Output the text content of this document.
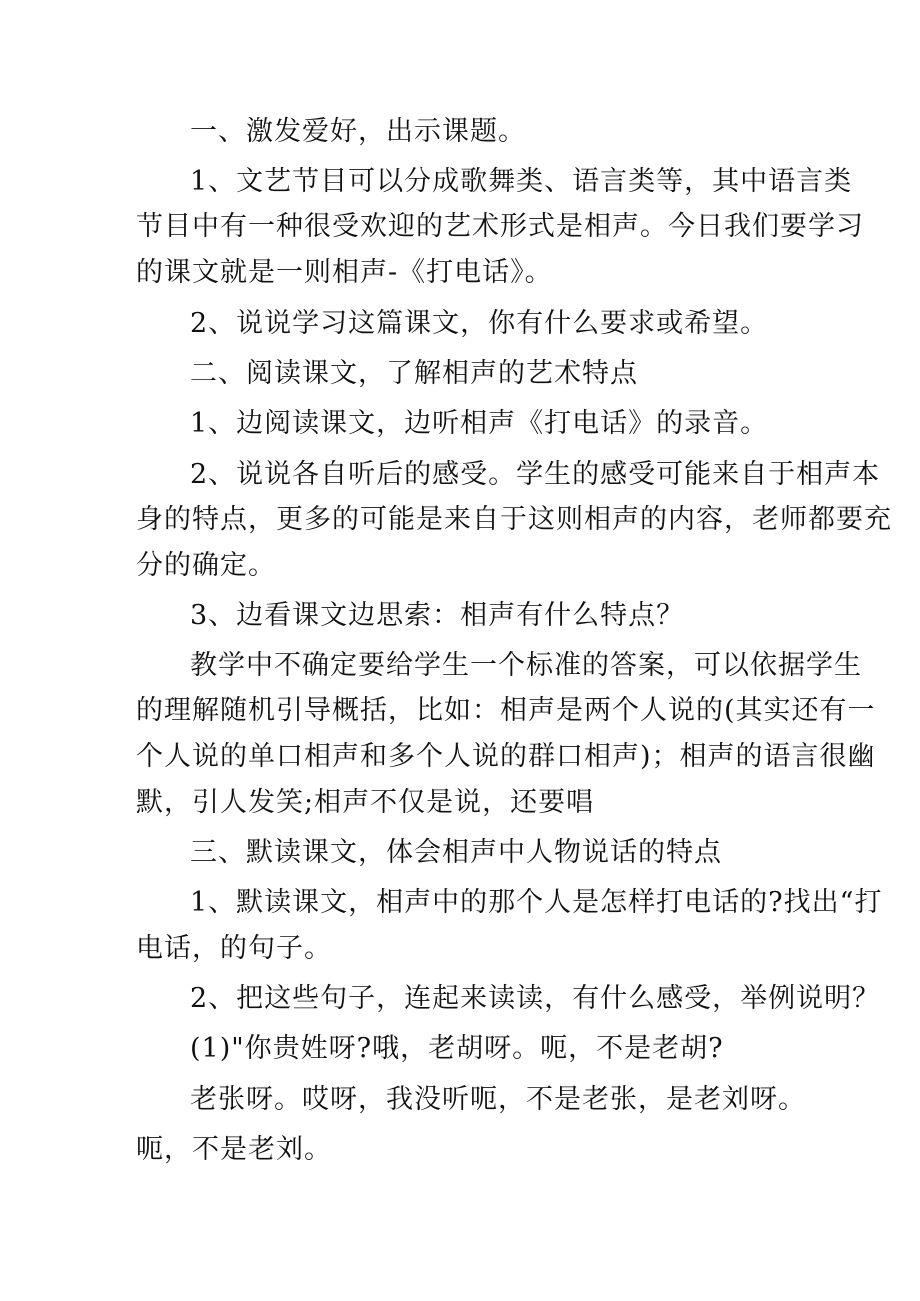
一、激发爱好，出示课题。
1、文艺节目可以分成歌舞类、语言类等，其中语言类
节目中有一种很受欢迎的艺术形式是相声。今日我们要学习
的课文就是一则相声-《打电话》。
2、说说学习这篇课文，你有什么要求或希望。
二、阅读课文，了解相声的艺术特点
1、边阅读课文，边听相声《打电话》的录音。
2、说说各自听后的感受。学生的感受可能来自于相声本
身的特点，更多的可能是来自于这则相声的内容，老师都要充
分的确定。
3、边看课文边思索：相声有什么特点？
教学中不确定要给学生一个标准的答案，可以依据学生
的理解随机引导概括，比如：相声是两个人说的(其实还有一
个人说的单口相声和多个人说的群口相声)；相声的语言很幽
默，引人发笑;相声不仅是说，还要唱
三、默读课文，体会相声中人物说话的特点
1、默读课文，相声中的那个人是怎样打电话的?找出“打
电话，的句子。
2、把这些句子，连起来读读，有什么感受，举例说明？
(1)"你贵姓呀?哦，老胡呀。呃，不是老胡?
老张呀。哎呀，我没听呃，不是老张，是老刘呀。
呃，不是老刘。
